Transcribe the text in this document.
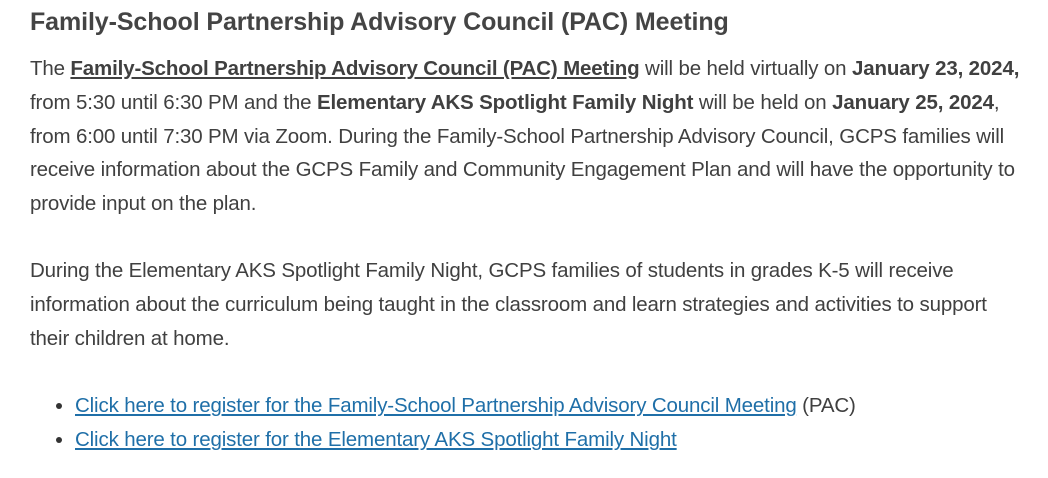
Family-School Partnership Advisory Council (PAC) Meeting

The Family-School Partnership Advisory Council (PAC) Meeting will be held virtually on January 23, 2024, from 5:30 until 6:30 PM and the Elementary AKS Spotlight Family Night will be held on January 25, 2024, from 6:00 until 7:30 PM via Zoom. During the Family-School Partnership Advisory Council, GCPS families will receive information about the GCPS Family and Community Engagement Plan and will have the opportunity to provide input on the plan.

During the Elementary AKS Spotlight Family Night, GCPS families of students in grades K-5 will receive information about the curriculum being taught in the classroom and learn strategies and activities to support their children at home.

• Click here to register for the Family-School Partnership Advisory Council Meeting (PAC)
• Click here to register for the Elementary AKS Spotlight Family Night
